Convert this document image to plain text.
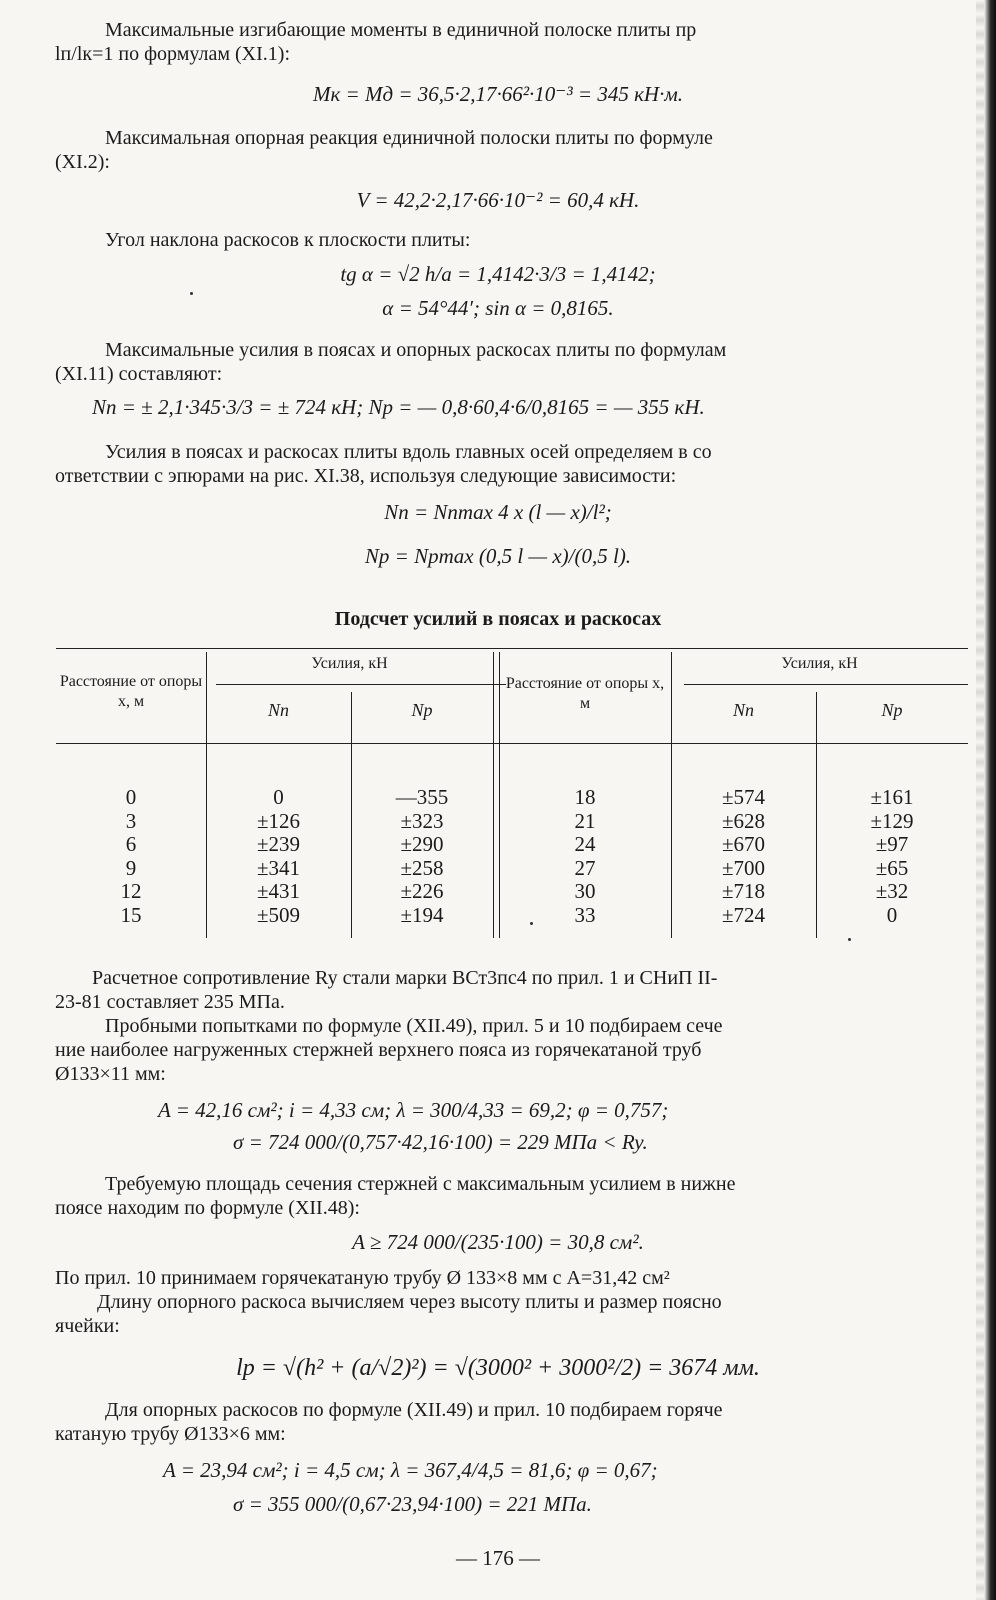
Максимальные изгибающие моменты в единичной полоске плиты пр
lп/lк=1 по формулам (XI.1):
Mк = Mд = 36,5·2,17·66²·10⁻³ = 345 кН·м.
Максимальная опорная реакция единичной полоски плиты по формуле
(XI.2):
V = 42,2·2,17·66·10⁻² = 60,4 кН.
Угол наклона раскосов к плоскости плиты:
tg α = √2 h/a = 1,4142·3/3 = 1,4142;
α = 54°44′; sin α = 0,8165.
Максимальные усилия в поясах и опорных раскосах плиты по формулам
(XI.11) составляют:
Nп = ± 2,1·345·3/3 = ± 724 кН; Nр = — 0,8·60,4·6/0,8165 = — 355 кН.
Усилия в поясах и раскосах плиты вдоль главных осей определяем в со
ответствии с эпюрами на рис. XI.38, используя следующие зависимости:
Nп = Nпmax 4 x (l — x)/l²;
Nр = Nрmax (0,5 l — x)/(0,5 l).
Подсчет усилий в поясах и раскосах
Расстояние от опоры x, м
Усилия, кН
Nп	Nр
Расстояние от опоры x, м
Усилия, кН
Nп	Nр
0
3
6
9
12
15
0
±126
±239
±341
±431
±509
—355
±323
±290
±258
±226
±194
18
21
24
27
30
33
±574
±628
±670
±700
±718
±724
±161
±129
±97
±65
±32
0
Расчетное сопротивление Ry стали марки ВСт3пс4 по прил. 1 и СНиП II-
23-81 составляет 235 МПа.
Пробными попытками по формуле (XII.49), прил. 5 и 10 подбираем сече
ние наиболее нагруженных стержней верхнего пояса из горячекатаной труб
Ø133×11 мм:
A = 42,16 см²; i = 4,33 см; λ = 300/4,33 = 69,2; φ = 0,757;
σ = 724 000/(0,757·42,16·100) = 229 МПа < Ry.
Требуемую площадь сечения стержней с максимальным усилием в нижне
поясе находим по формуле (XII.48):
A ≥ 724 000/(235·100) = 30,8 см².
По прил. 10 принимаем горячекатаную трубу Ø 133×8 мм с A=31,42 см²
Длину опорного раскоса вычисляем через высоту плиты и размер поясно
ячейки:
lр = √(h² + (a/√2)²) = √(3000² + 3000²/2) = 3674 мм.
Для опорных раскосов по формуле (XII.49) и прил. 10 подбираем горяче
катаную трубу Ø133×6 мм:
A = 23,94 см²; i = 4,5 см; λ = 367,4/4,5 = 81,6; φ = 0,67;
σ = 355 000/(0,67·23,94·100) = 221 МПа.
— 176 —
